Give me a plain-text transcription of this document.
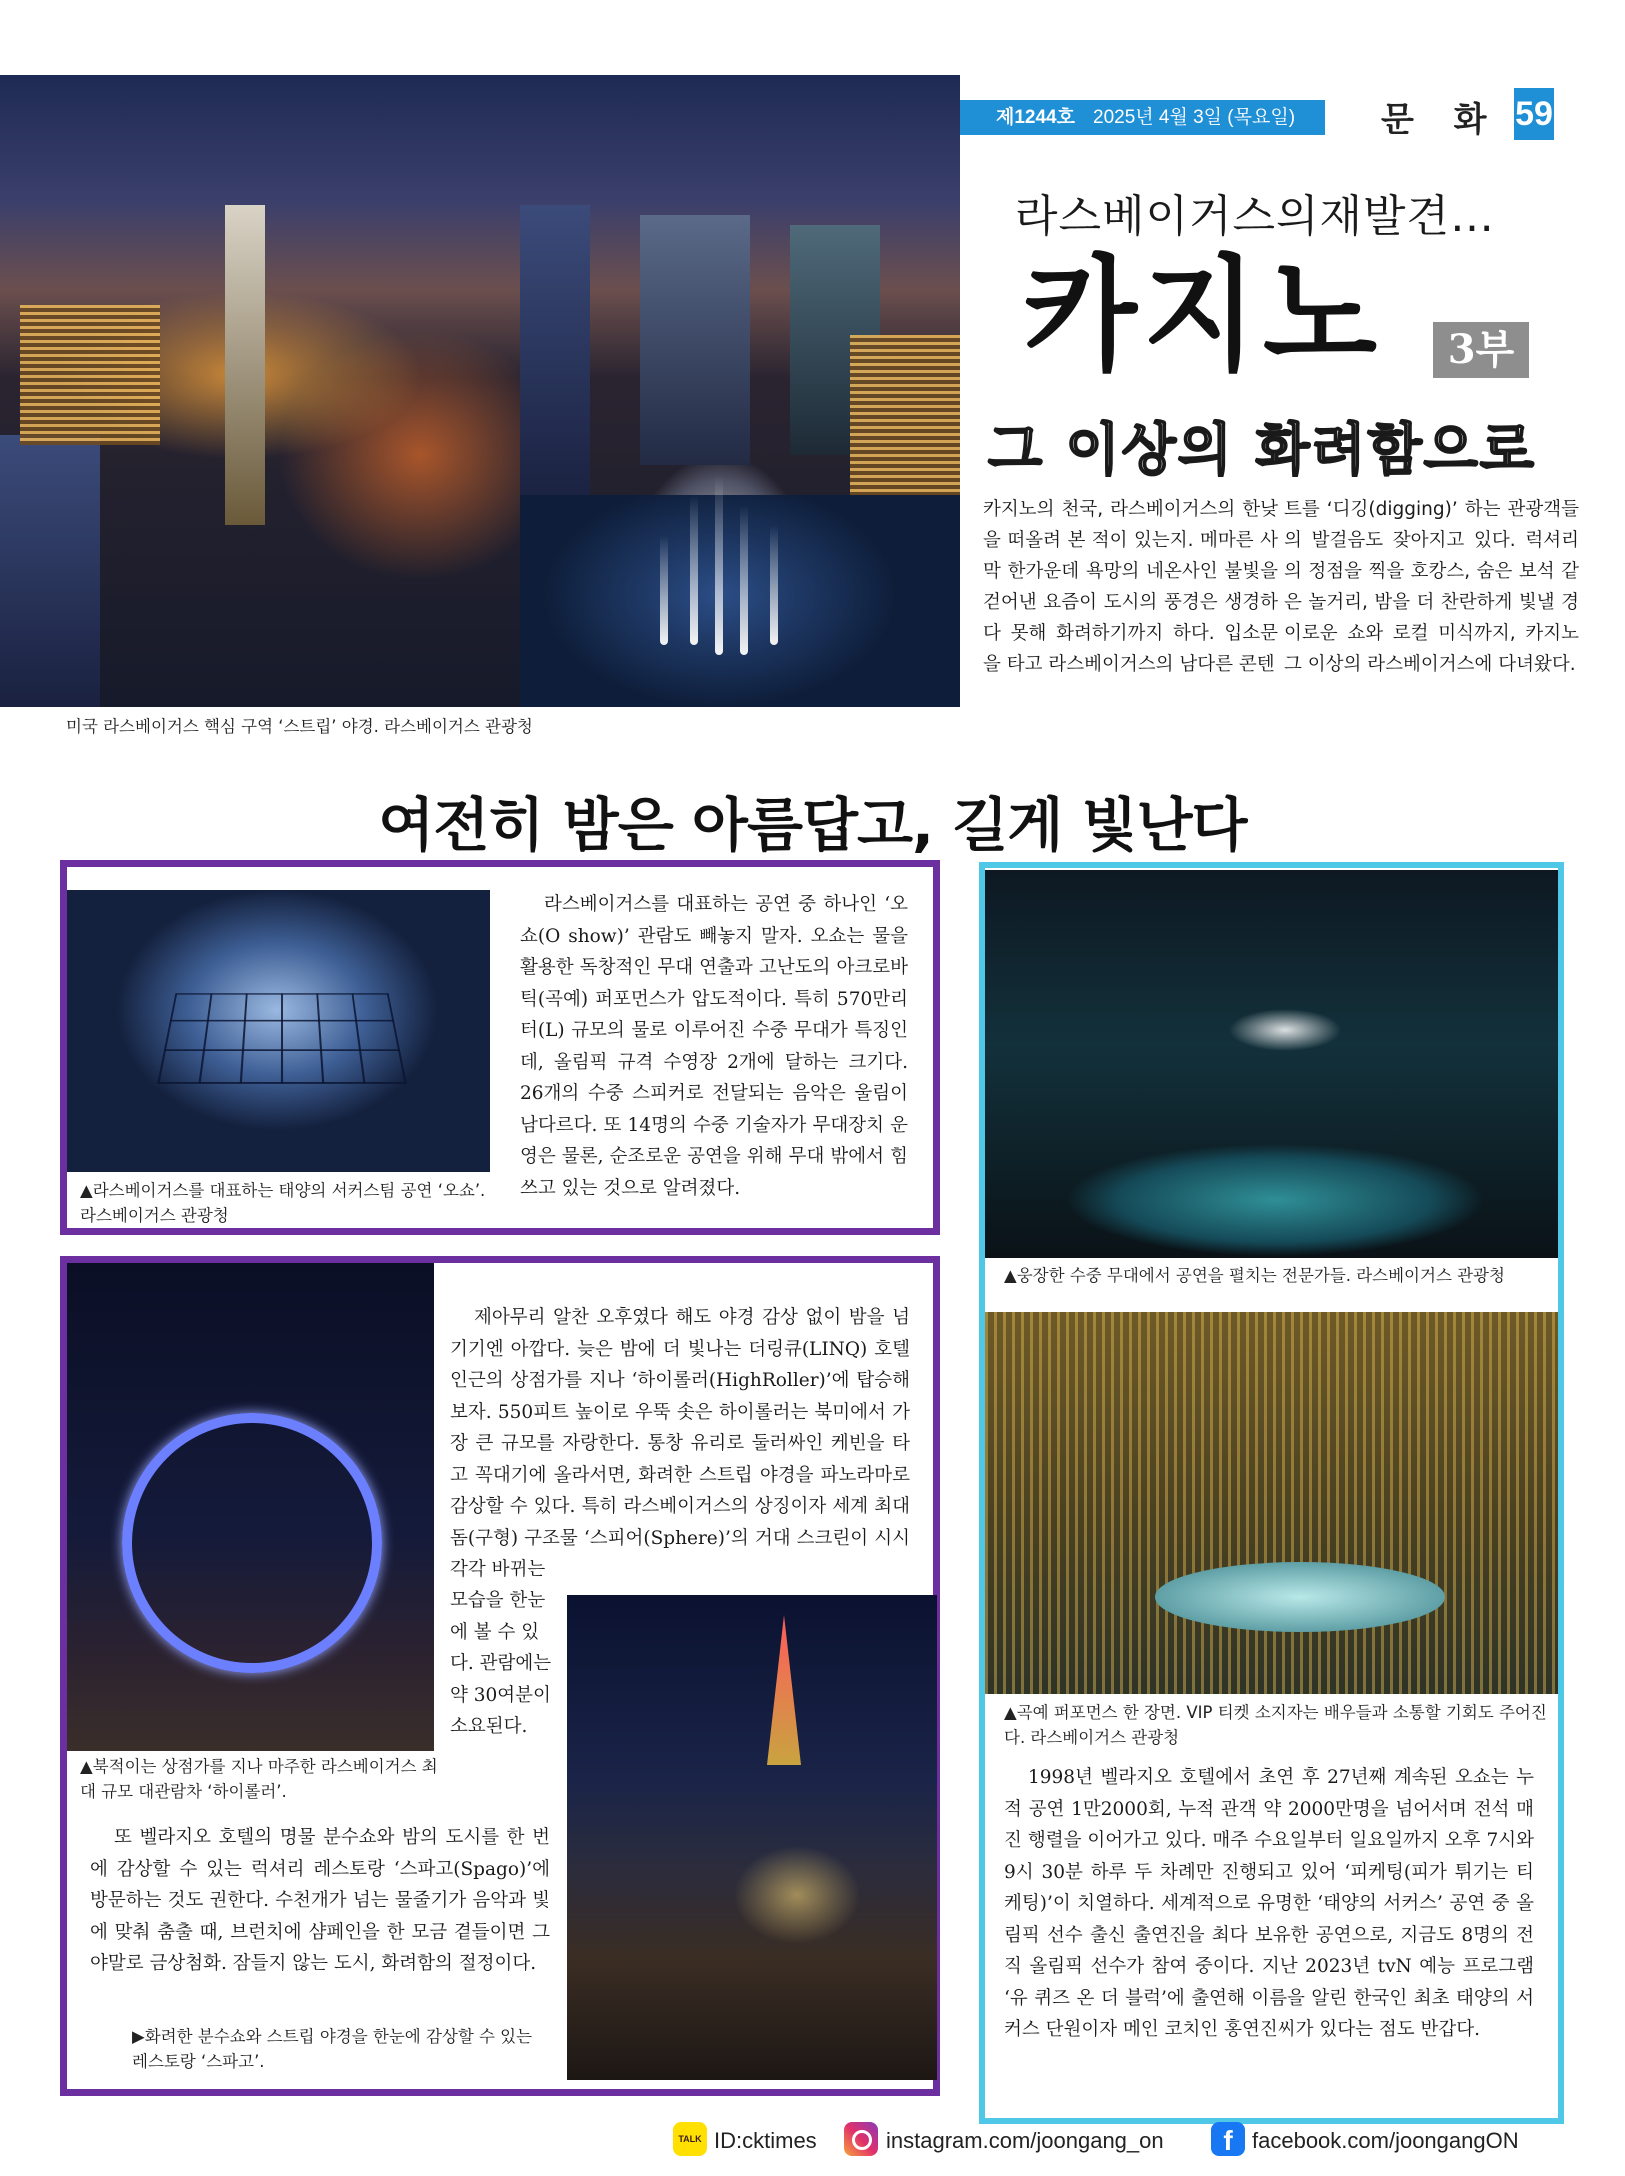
제1244호 2025년 4월 3일 (목요일)	문 화 59
미국 라스베이거스 핵심 구역 ‘스트립’ 야경. 라스베이거스 관광청
라스베이거스의재발견…
카지노	3부
그 이상의 화려함으로
카지노의 천국, 라스베이거스의 한낮을 떠올려 본 적이 있는지. 메마른 사막 한가운데 욕망의 네온사인 불빛을 걷어낸 요즘이 도시의 풍경은 생경하다 못해 화려하기까지 하다. 입소문을 타고 라스베이거스의 남다른 콘텐
트를 ‘디깅(digging)’ 하는 관광객들의 발걸음도 잦아지고 있다. 럭셔리의 정점을 찍을 호캉스, 숨은 보석 같은 놀거리, 밤을 더 찬란하게 빛낼 경이로운 쇼와 로컬 미식까지, 카지노 그 이상의 라스베이거스에 다녀왔다.
여전히 밤은 아름답고, 길게 빛난다
▲라스베이거스를 대표하는 태양의 서커스팀 공연 ‘오쇼’. 라스베이거스 관광청
라스베이거스를 대표하는 공연 중 하나인 ‘오쇼(O show)’ 관람도 빼놓지 말자. 오쇼는 물을 활용한 독창적인 무대 연출과 고난도의 아크로바틱(곡예) 퍼포먼스가 압도적이다. 특히 570만리터(L) 규모의 물로 이루어진 수중 무대가 특징인데, 올림픽 규격 수영장 2개에 달하는 크기다. 26개의 수중 스피커로 전달되는 음악은 울림이 남다르다. 또 14명의 수중 기술자가 무대장치 운영은 물론, 순조로운 공연을 위해 무대 밖에서 힘쓰고 있는 것으로 알려졌다.
▲웅장한 수중 무대에서 공연을 펼치는 전문가들. 라스베이거스 관광청
▲곡예 퍼포먼스 한 장면. VIP 티켓 소지자는 배우들과 소통할 기회도 주어진다. 라스베이거스 관광청
1998년 벨라지오 호텔에서 초연 후 27년째 계속된 오쇼는 누적 공연 1만2000회, 누적 관객 약 2000만명을 넘어서며 전석 매진 행렬을 이어가고 있다. 매주 수요일부터 일요일까지 오후 7시와 9시 30분 하루 두 차례만 진행되고 있어 ‘피케팅(피가 튀기는 티케팅)’이 치열하다. 세계적으로 유명한 ‘태양의 서커스’ 공연 중 올림픽 선수 출신 출연진을 최다 보유한 공연으로, 지금도 8명의 전직 올림픽 선수가 참여 중이다. 지난 2023년 tvN 예능 프로그램 ‘유 퀴즈 온 더 블럭’에 출연해 이름을 알린 한국인 최초 태양의 서커스 단원이자 메인 코치인 홍연진씨가 있다는 점도 반갑다.
▲북적이는 상점가를 지나 마주한 라스베이거스 최대 규모 대관람차 ‘하이롤러’.
제아무리 알찬 오후였다 해도 야경 감상 없이 밤을 넘기기엔 아깝다. 늦은 밤에 더 빛나는 더링큐(LINQ) 호텔 인근의 상점가를 지나 ‘하이롤러(HighRoller)’에 탑승해보자. 550피트 높이로 우뚝 솟은 하이롤러는 북미에서 가장 큰 규모를 자랑한다. 통창 유리로 둘러싸인 케빈을 타고 꼭대기에 올라서면, 화려한 스트립 야경을 파노라마로 감상할 수 있다. 특히 라스베이거스의 상징이자 세계 최대 돔(구형) 구조물 ‘스피어(Sphere)’의 거대 스크린이 시시각각 바뀌는
모습을 한눈에 볼 수 있다. 관람에는 약 30여분이 소요된다.
또 벨라지오 호텔의 명물 분수쇼와 밤의 도시를 한 번에 감상할 수 있는 럭셔리 레스토랑 ‘스파고(Spago)’에 방문하는 것도 권한다. 수천개가 넘는 물줄기가 음악과 빛에 맞춰 춤출 때, 브런치에 샴페인을 한 모금 곁들이면 그야말로 금상첨화. 잠들지 않는 도시, 화려함의 절정이다.
▶화려한 분수쇼와 스트립 야경을 한눈에 감상할 수 있는 레스토랑 ‘스파고’.
TALK ID:cktimes	instagram.com/joongang_on	f facebook.com/joongangON
